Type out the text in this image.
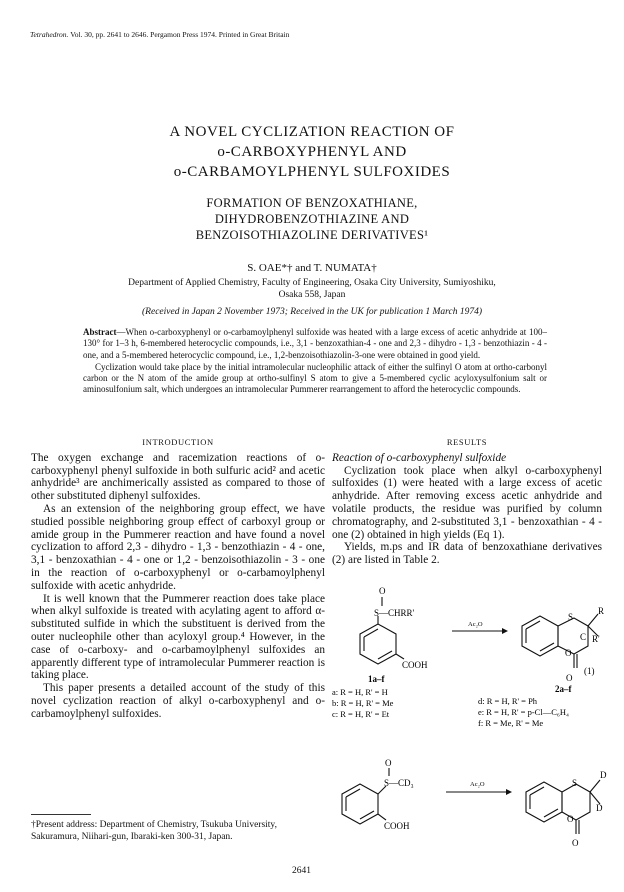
Tetrahedron. Vol. 30, pp. 2641 to 2646. Pergamon Press 1974. Printed in Great Britain
A NOVEL CYCLIZATION REACTION OF
o-CARBOXYPHENYL AND
o-CARBAMOYLPHENYL SULFOXIDES
FORMATION OF BENZOXATHIANE,
DIHYDROBENZOTHIAZINE AND
BENZOISOTHIAZOLINE DERIVATIVES¹
S. OAE*† and T. NUMATA†
Department of Applied Chemistry, Faculty of Engineering, Osaka City University, Sumiyoshiku,
Osaka 558, Japan
(Received in Japan 2 November 1973; Received in the UK for publication 1 March 1974)
Abstract—When o-carboxyphenyl or o-carbamoylphenyl sulfoxide was heated with a large excess of acetic anhydride at 100–130° for 1–3 h, 6-membered heterocyclic compounds, i.e., 3,1 - benzoxathian-4 - one and 2,3 - dihydro - 1,3 - benzothiazin - 4 - one, and a 5-membered heterocyclic compound, i.e., 1,2-benzoisothiazolin-3-one were obtained in good yield.
Cyclization would take place by the initial intramolecular nucleophilic attack of either the sulfinyl O atom at ortho-carbonyl carbon or the N atom of the amide group at ortho-sulfinyl S atom to give a 5-membered cyclic acyloxysulfonium salt or aminosulfonium salt, which undergoes an intramolecular Pummerer rearrangement to afford the heterocyclic compounds.
INTRODUCTION
The oxygen exchange and racemization reactions of o-carboxyphenyl phenyl sulfoxide in both sulfuric acid² and acetic anhydride³ are anchimerically assisted as compared to those of other substituted diphenyl sulfoxides.
As an extension of the neighboring group effect, we have studied possible neighboring group effect of carboxyl group or amide group in the Pummerer reaction and have found a novel cyclization to afford 2,3 - dihydro - 1,3 - benzothiazin - 4 - one, 3,1 - benzoxathian - 4 - one or 1,2 - benzoisothiazolin - 3 - one in the reaction of o-carboxyphenyl or o-carbamoylphenyl sulfoxide with acetic anhydride.
It is well known that the Pummerer reaction does take place when alkyl sulfoxide is treated with acylating agent to afford α-substituted sulfide in which the substituent is derived from the outer nucleophile other than acyloxyl group.⁴ However, in the case of o-carboxy- and o-carbamoylphenyl sulfoxides an apparently different type of intramolecular Pummerer reaction is taking place.
This paper presents a detailed account of the study of this novel cyclization reaction of alkyl o-carboxyphenyl and o-carbamoylphenyl sulfoxides.
†Present address: Department of Chemistry, Tsukuba University, Sakuramura, Niihari-gun, Ibaraki-ken 300-31, Japan.
RESULTS
Reaction of o-carboxyphenyl sulfoxide
Cyclization took place when alkyl o-carboxyphenyl sulfoxides (1) were heated with a large excess of acetic anhydride. After removing excess acetic anhydride and volatile products, the residue was purified by column chromatography, and 2-substituted 3,1 - benzoxathian - 4 - one (2) obtained in high yields (Eq 1).
Yields, m.ps and IR data of benzoxathiane derivatives (2) are listed in Table 2.
O
S—CHRR'
COOH
1a–f
Ac₂O
S
C
R
R'
O
O
2a–f
(1)
a: R = H, R' = H
b: R = H, R' = Me
c: R = H, R' = Et
d: R = H, R' = Ph
e: R = H, R' = p-Cl—C₆H₄
f: R = Me, R' = Me
O
S—CD₃
COOH
Ac₂O	S
D
D
O
O
2641
